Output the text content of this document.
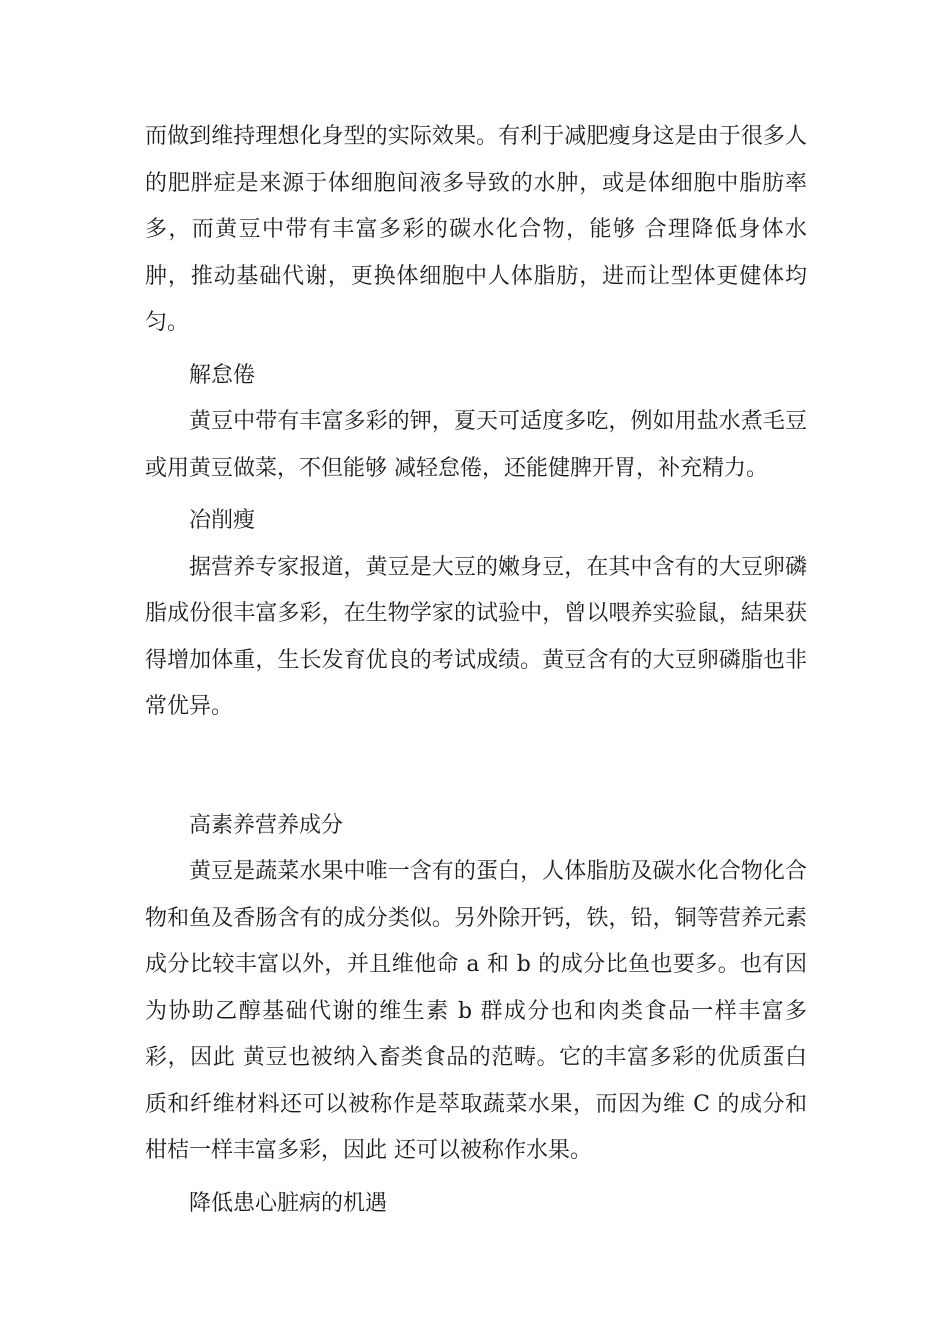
而做到维持理想化身型的实际效果。有利于减肥瘦身这是由于很多人的肥胖症是来源于体细胞间液多导致的水肿，或是体细胞中脂肪率多，而黄豆中带有丰富多彩的碳水化合物，能够 合理降低身体水肿，推动基础代谢，更换体细胞中人体脂肪，进而让型体更健体均匀。

解怠倦

黄豆中带有丰富多彩的钾，夏天可适度多吃，例如用盐水煮毛豆或用黄豆做菜，不但能够 减轻怠倦，还能健脾开胃，补充精力。

冶削瘦

据营养专家报道，黄豆是大豆的嫩身豆，在其中含有的大豆卵磷脂成份很丰富多彩，在生物学家的试验中，曾以喂养实验鼠，結果获得增加体重，生长发育优良的考试成绩。黄豆含有的大豆卵磷脂也非常优异。

高素养营养成分

黄豆是蔬菜水果中唯一含有的蛋白，人体脂肪及碳水化合物化合物和鱼及香肠含有的成分类似。另外除开钙，铁，铅，铜等营养元素成分比较丰富以外，并且维他命 a 和 b 的成分比鱼也要多。也有因为协助乙醇基础代谢的维生素 b 群成分也和肉类食品一样丰富多彩，因此 黄豆也被纳入畜类食品的范畴。它的丰富多彩的优质蛋白质和纤维材料还可以被称作是萃取蔬菜水果，而因为维 C 的成分和柑桔一样丰富多彩，因此 还可以被称作水果。

降低患心脏病的机遇
